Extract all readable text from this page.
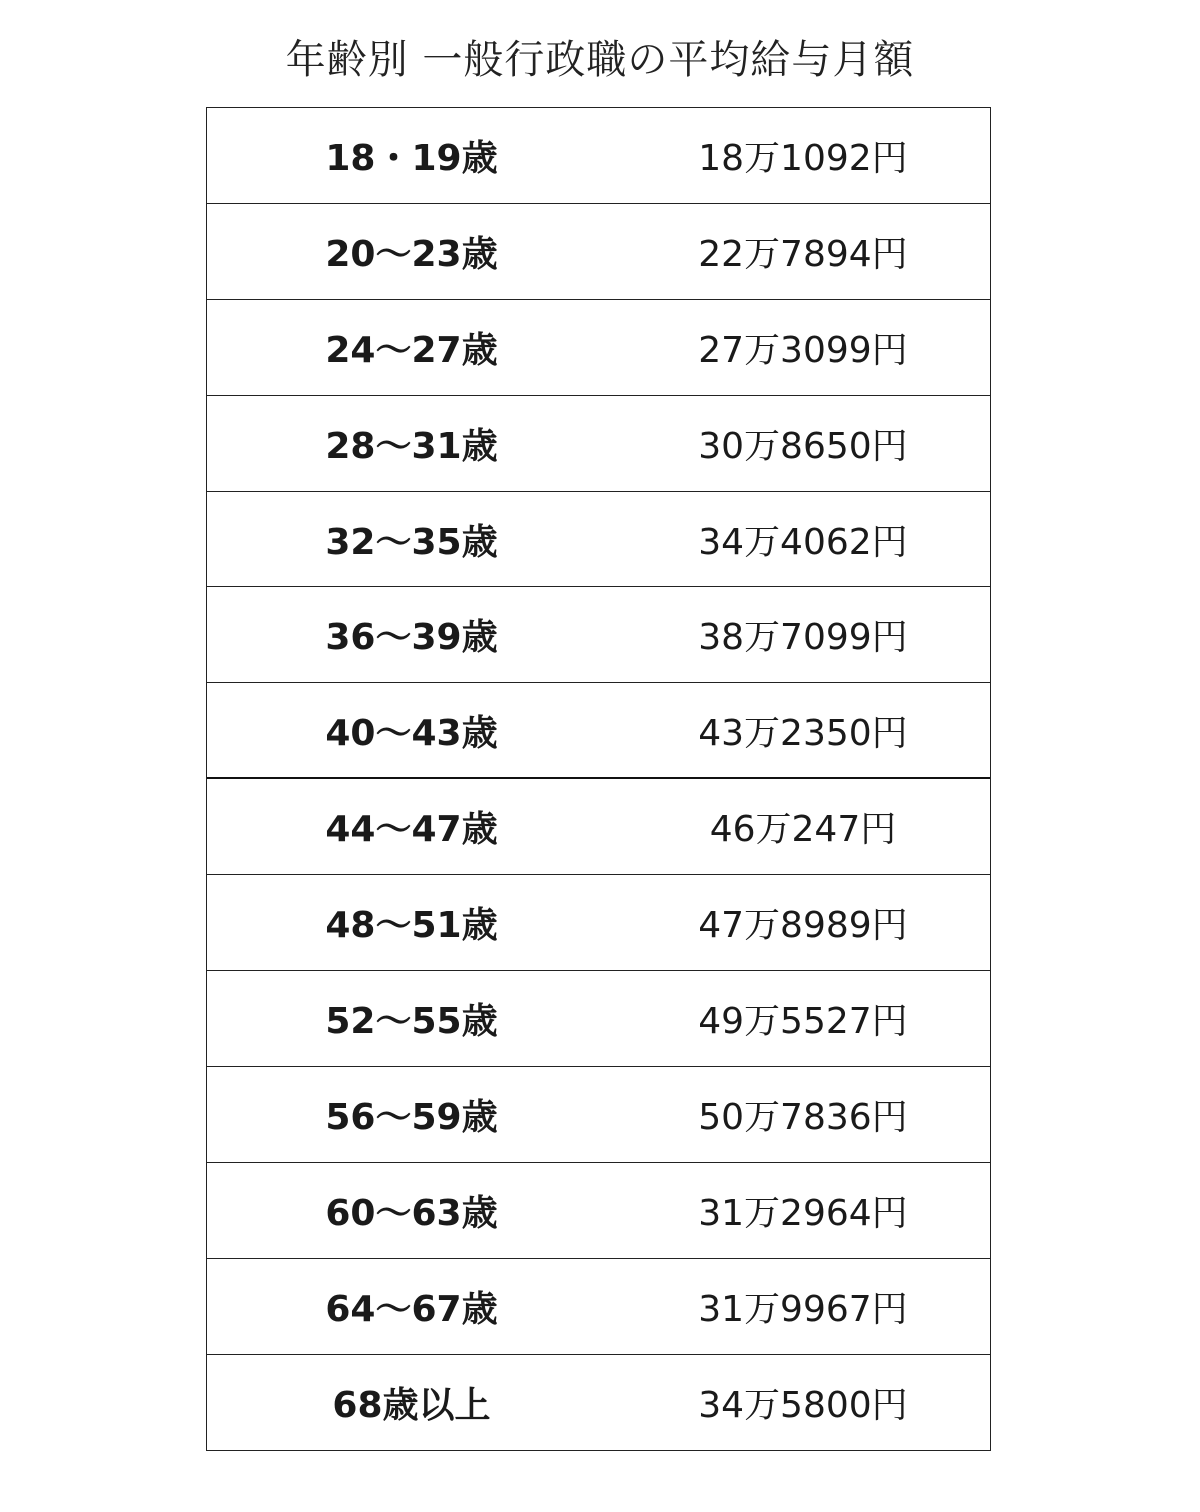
年齢別 一般行政職の平均給与月額
18・19歳	18万1092円
20～23歳	22万7894円
24～27歳	27万3099円
28～31歳	30万8650円
32～35歳	34万4062円
36～39歳	38万7099円
40～43歳	43万2350円
44～47歳	46万247円
48～51歳	47万8989円
52～55歳	49万5527円
56～59歳	50万7836円
60～63歳	31万2964円
64～67歳	31万9967円
68歳以上	34万5800円
